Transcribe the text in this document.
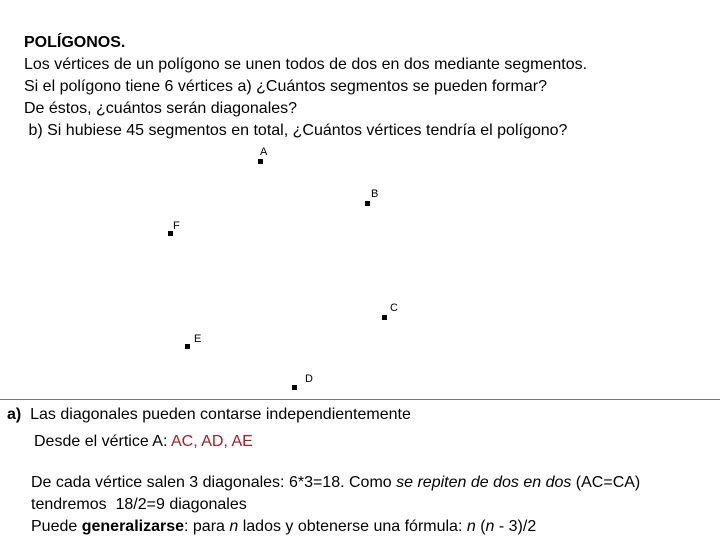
POLÍGONOS.
Los vértices de un polígono se unen todos de dos en dos mediante segmentos.
Si el polígono tiene 6 vértices a) ¿Cuántos segmentos se pueden formar?
De éstos, ¿cuántos serán diagonales?
b) Si hubiese 45 segmentos en total, ¿Cuántos vértices tendría el polígono?
A
B
C
D
E
F
a) Las diagonales pueden contarse independientemente
Desde el vértice A: AC, AD, AE
De cada vértice salen 3 diagonales: 6*3=18. Como se repiten de dos en dos (AC=CA)
tendremos  18/2=9 diagonales
Puede generalizarse: para n lados y obtenerse una fórmula: n (n - 3)/2
